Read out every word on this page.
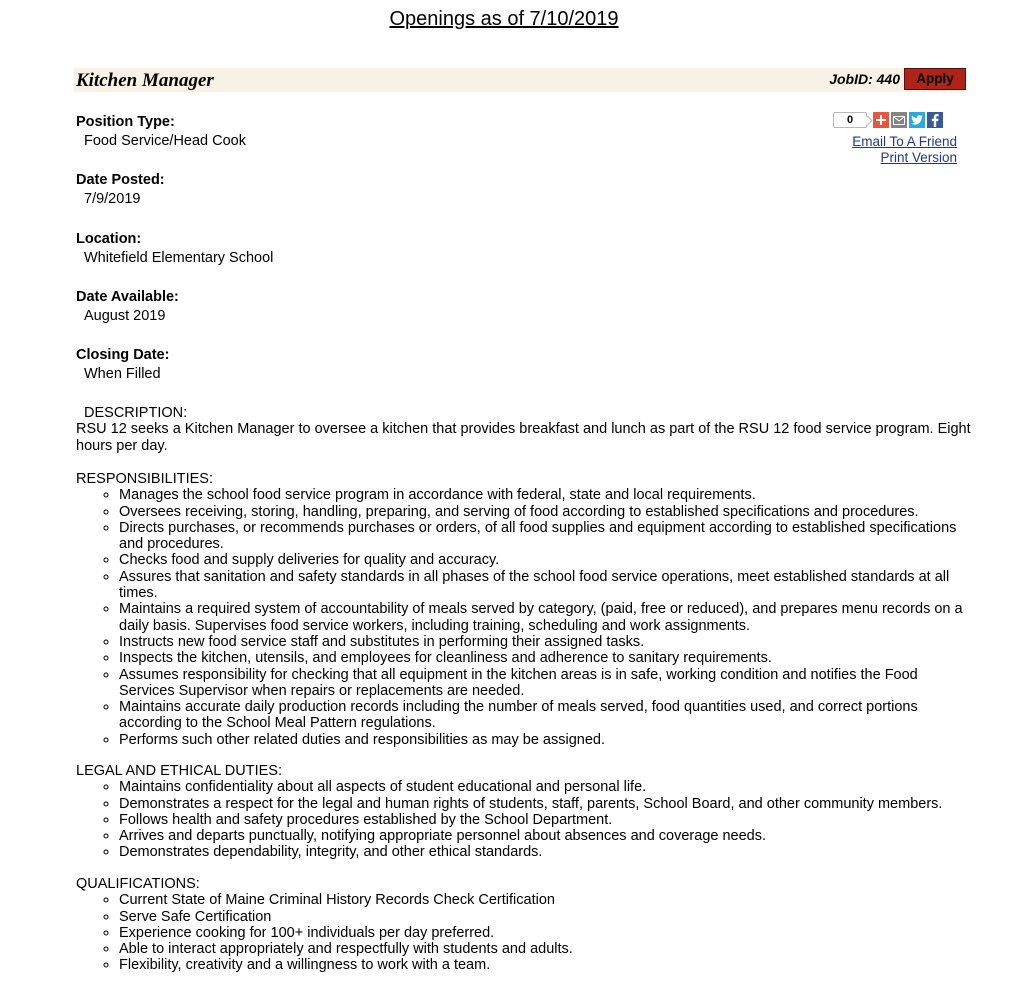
Openings as of 7/10/2019
Kitchen Manager	JobID: 440	Apply
0
Email To A Friend
Print Version
Position Type:
Food Service/Head Cook
Date Posted:
7/9/2019
Location:
Whitefield Elementary School
Date Available:
August 2019
Closing Date:
When Filled

DESCRIPTION:

RSU 12 seeks a Kitchen Manager to oversee a kitchen that provides breakfast and lunch as part of the RSU 12 food service program. Eight hours per day.

RESPONSIBILITIES:

◦ Manages the school food service program in accordance with federal, state and local requirements.
◦ Oversees receiving, storing, handling, preparing, and serving of food according to established specifications and procedures.
◦ Directs purchases, or recommends purchases or orders, of all food supplies and equipment according to established specifications and procedures.
◦ Checks food and supply deliveries for quality and accuracy.
◦ Assures that sanitation and safety standards in all phases of the school food service operations, meet established standards at all times.
◦ Maintains a required system of accountability of meals served by category, (paid, free or reduced), and prepares menu records on a daily basis. Supervises food service workers, including training, scheduling and work assignments.
◦ Instructs new food service staff and substitutes in performing their assigned tasks.
◦ Inspects the kitchen, utensils, and employees for cleanliness and adherence to sanitary requirements.
◦ Assumes responsibility for checking that all equipment in the kitchen areas is in safe, working condition and notifies the Food Services Supervisor when repairs or replacements are needed.
◦ Maintains accurate daily production records including the number of meals served, food quantities used, and correct portions according to the School Meal Pattern regulations.
◦ Performs such other related duties and responsibilities as may be assigned.

LEGAL AND ETHICAL DUTIES:

◦ Maintains confidentiality about all aspects of student educational and personal life.
◦ Demonstrates a respect for the legal and human rights of students, staff, parents, School Board, and other community members.
◦ Follows health and safety procedures established by the School Department.
◦ Arrives and departs punctually, notifying appropriate personnel about absences and coverage needs.
◦ Demonstrates dependability, integrity, and other ethical standards.

QUALIFICATIONS:

◦ Current State of Maine Criminal History Records Check Certification
◦ Serve Safe Certification
◦ Experience cooking for 100+ individuals per day preferred.
◦ Able to interact appropriately and respectfully with students and adults.
◦ Flexibility, creativity and a willingness to work with a team.
